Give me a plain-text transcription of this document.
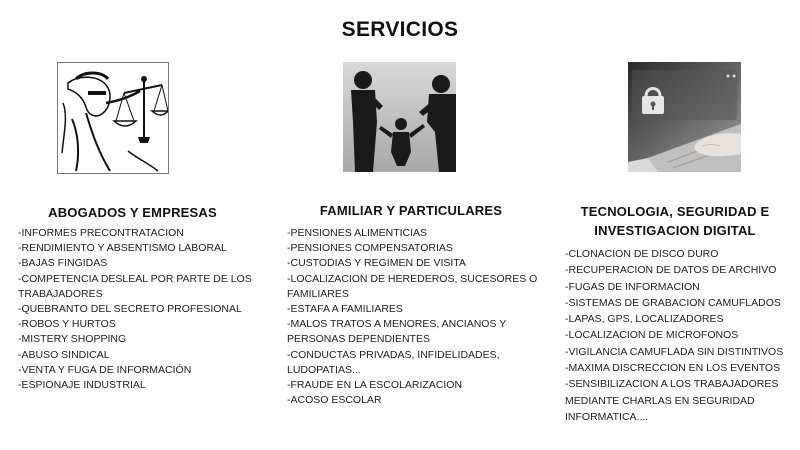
SERVICIOS
ABOGADOS Y EMPRESAS
-INFORMES PRECONTRATACION
-RENDIMIENTO Y ABSENTISMO LABORAL
-BAJAS FINGIDAS
-COMPETENCIA DESLEAL POR PARTE DE LOS TRABAJADORES
-QUEBRANTO DEL SECRETO PROFESIONAL
-ROBOS Y HURTOS
-MISTERY SHOPPING
-ABUSO SINDICAL
-VENTA Y FUGA DE INFORMACIÓN
-ESPIONAJE INDUSTRIAL
FAMILIAR Y PARTICULARES
-PENSIONES ALIMENTICIAS
-PENSIONES COMPENSATORIAS
-CUSTODIAS Y REGIMEN DE VISITA
-LOCALIZACION DE HEREDEROS, SUCESORES O FAMILIARES
-ESTAFA A FAMILIARES
-MALOS TRATOS A MENORES, ANCIANOS Y PERSONAS DEPENDIENTES
-CONDUCTAS PRIVADAS, INFIDELIDADES, LUDOPATIAS...
-FRAUDE EN LA ESCOLARIZACION
-ACOSO ESCOLAR
TECNOLOGIA, SEGURIDAD E INVESTIGACION DIGITAL
-CLONACION DE DISCO DURO
-RECUPERACION DE DATOS DE ARCHIVO
-FUGAS DE INFORMACION
-SISTEMAS DE GRABACION CAMUFLADOS
-LAPAS, GPS, LOCALIZADORES
-LOCALIZACION DE MICROFONOS
-VIGILANCIA CAMUFLADA SIN DISTINTIVOS
-MAXIMA DISCRECCION EN LOS EVENTOS
-SENSIBILIZACION A LOS TRABAJADORES MEDIANTE CHARLAS EN SEGURIDAD INFORMATICA....
